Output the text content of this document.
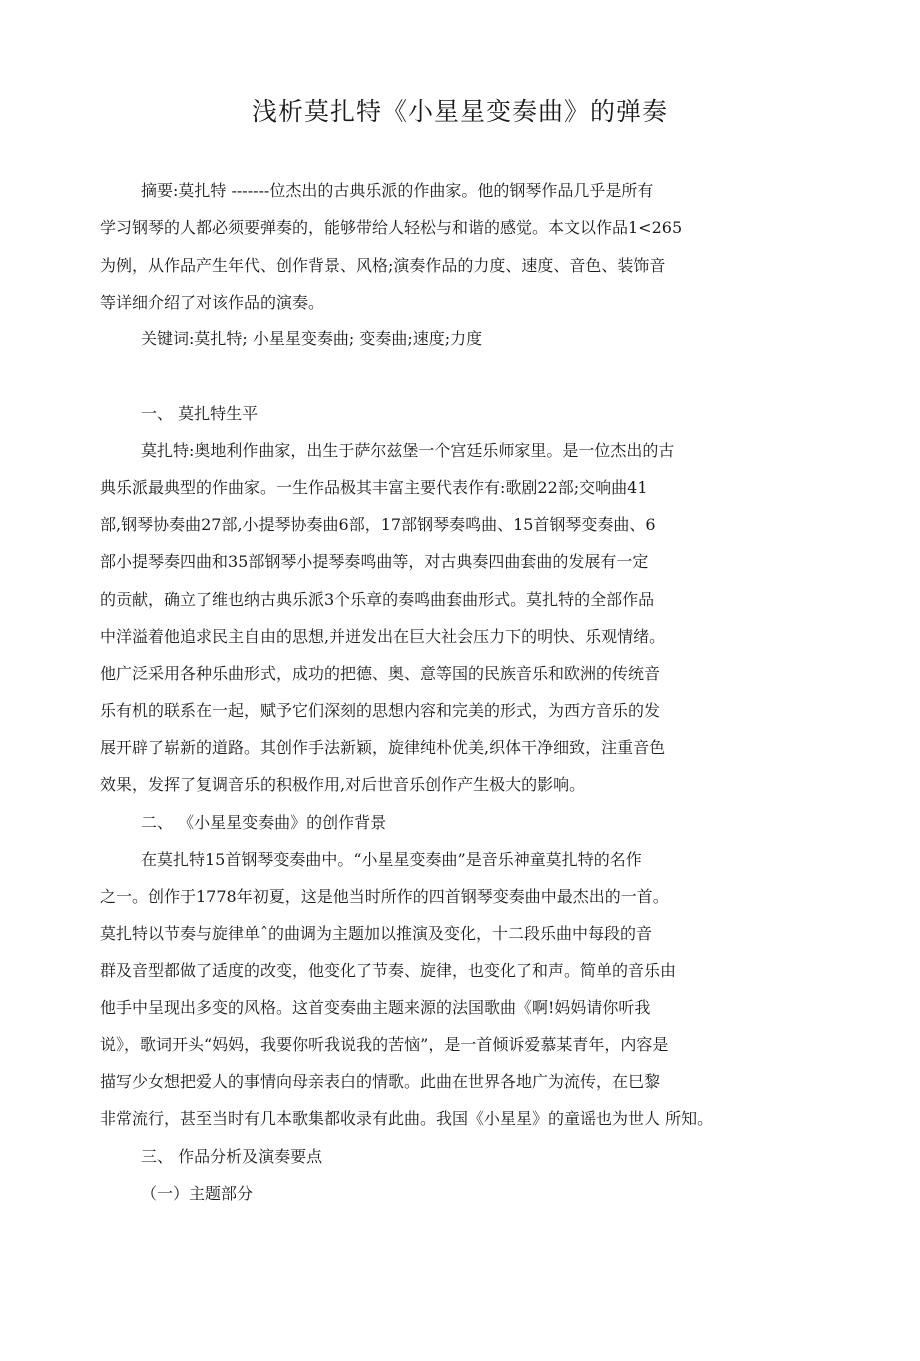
浅析莫扎特《小星星变奏曲》的弹奏

摘要:莫扎特 -------位杰出的古典乐派的作曲家。他的钢琴作品几乎是所有

学习钢琴的人都必须要弹奏的，能够带给人轻松与和谐的感觉。本文以作品1<265

为例，从作品产生年代、创作背景、风格;演奏作品的力度、速度、音色、装饰音

等详细介绍了对该作品的演奏。

关键词:莫扎特; 小星星变奏曲; 变奏曲;速度;力度

一、 莫扎特生平

莫扎特:奥地利作曲家，出生于萨尔兹堡一个宫廷乐师家里。是一位杰出的古

典乐派最典型的作曲家。一生作品极其丰富主要代表作有:歌剧22部;交响曲41

部,钢琴协奏曲27部,小提琴协奏曲6部，17部钢琴奏鸣曲、15首钢琴变奏曲、6

部小提琴奏四曲和35部钢琴小提琴奏鸣曲等，对古典奏四曲套曲的发展有一定

的贡献，确立了维也纳古典乐派3个乐章的奏鸣曲套曲形式。莫扎特的全部作品

中洋溢着他追求民主自由的思想,并迸发出在巨大社会压力下的明快、乐观情绪。

他广泛采用各种乐曲形式，成功的把德、奥、意等国的民族音乐和欧洲的传统音

乐有机的联系在一起，赋予它们深刻的思想内容和完美的形式，为西方音乐的发

展开辟了崭新的道路。其创作手法新颖，旋律纯朴优美,织体干净细致，注重音色

效果，发挥了复调音乐的积极作用,对后世音乐创作产生极大的影响。

二、 《小星星变奏曲》的创作背景

在莫扎特15首钢琴变奏曲中。“小星星变奏曲”是音乐神童莫扎特的名作

之一。创作于1778年初夏，这是他当时所作的四首钢琴变奏曲中最杰出的一首。

莫扎特以节奏与旋律单ˆ的曲调为主题加以推演及变化，十二段乐曲中每段的音

群及音型都做了适度的改变，他变化了节奏、旋律，也变化了和声。简单的音乐由

他手中呈现出多变的风格。这首变奏曲主题来源的法国歌曲《啊!妈妈请你听我

说》，歌词开头“妈妈，我要你听我说我的苦恼”，是一首倾诉爱慕某青年，内容是

描写少女想把爱人的事情向母亲表白的情歌。此曲在世界各地广为流传，在巳黎

非常流行，甚至当时有几本歌集都收录有此曲。我国《小星星》的童谣也为世人 所知。

三、 作品分析及演奏要点

（一）主题部分
